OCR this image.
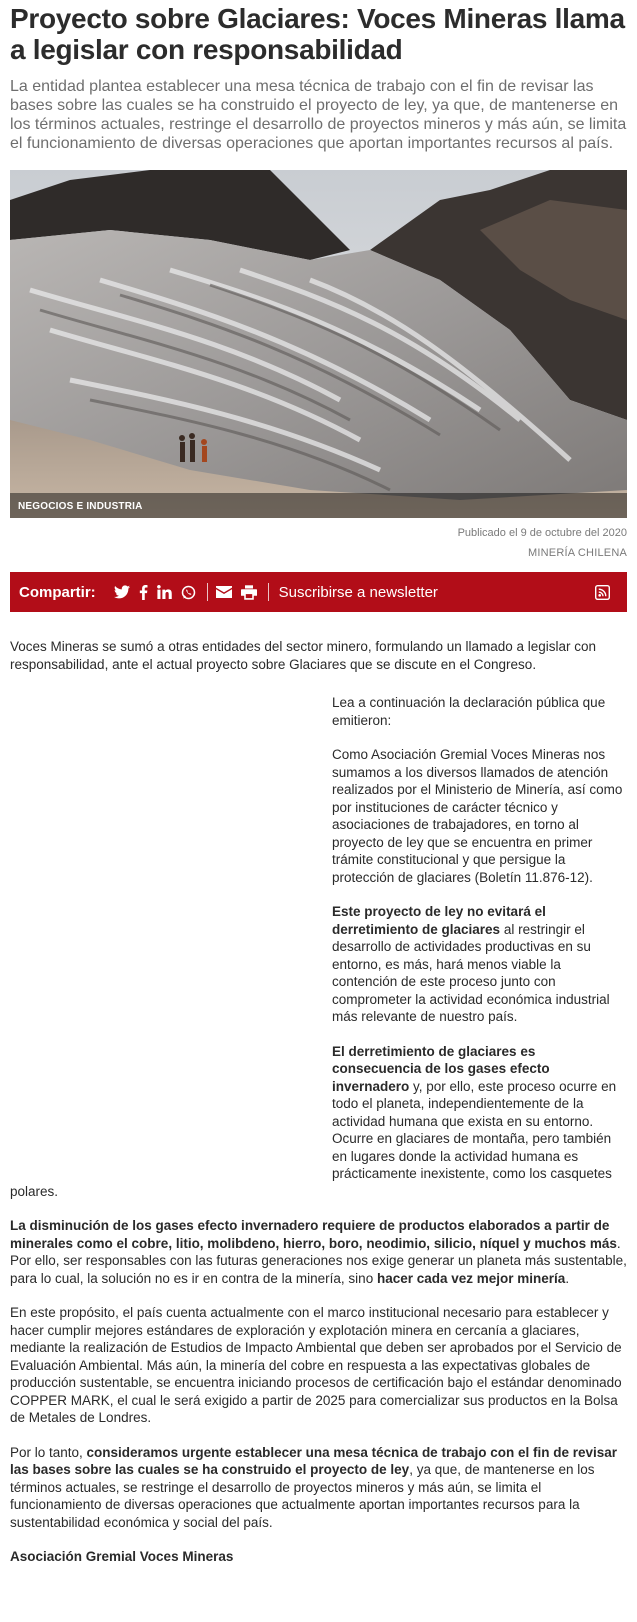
Proyecto sobre Glaciares: Voces Mineras llama a legislar con responsabilidad

La entidad plantea establecer una mesa técnica de trabajo con el fin de revisar las bases sobre las cuales se ha construido el proyecto de ley, ya que, de mantenerse en los términos actuales, restringe el desarrollo de proyectos mineros y más aún, se limita el funcionamiento de diversas operaciones que aportan importantes recursos al país.

NEGOCIOS E INDUSTRIA
Publicado el 9 de octubre del 2020
MINERÍA CHILENA
Compartir:	Suscribirse a newsletter

Voces Mineras se sumó a otras entidades del sector minero, formulando un llamado a legislar con responsabilidad, ante el actual proyecto sobre Glaciares que se discute en el Congreso.

Lea a continuación la declaración pública que emitieron:

Como Asociación Gremial Voces Mineras nos sumamos a los diversos llamados de atención realizados por el Ministerio de Minería, así como por instituciones de carácter técnico y asociaciones de trabajadores, en torno al proyecto de ley que se encuentra en primer trámite constitucional y que persigue la protección de glaciares (Boletín 11.876-12).

Este proyecto de ley no evitará el derretimiento de glaciares al restringir el desarrollo de actividades productivas en su entorno, es más, hará menos viable la contención de este proceso junto con comprometer la actividad económica industrial más relevante de nuestro país.

El derretimiento de glaciares es consecuencia de los gases efecto invernadero y, por ello, este proceso ocurre en todo el planeta, independientemente de la actividad humana que exista en su entorno. Ocurre en glaciares de montaña, pero también en lugares donde la actividad humana es prácticamente inexistente, como los casquetes polares.

La disminución de los gases efecto invernadero requiere de productos elaborados a partir de minerales como el cobre, litio, molibdeno, hierro, boro, neodimio, silicio, níquel y muchos más. Por ello, ser responsables con las futuras generaciones nos exige generar un planeta más sustentable, para lo cual, la solución no es ir en contra de la minería, sino hacer cada vez mejor minería.

En este propósito, el país cuenta actualmente con el marco institucional necesario para establecer y hacer cumplir mejores estándares de exploración y explotación minera en cercanía a glaciares, mediante la realización de Estudios de Impacto Ambiental que deben ser aprobados por el Servicio de Evaluación Ambiental. Más aún, la minería del cobre en respuesta a las expectativas globales de producción sustentable, se encuentra iniciando procesos de certificación bajo el estándar denominado COPPER MARK, el cual le será exigido a partir de 2025 para comercializar sus productos en la Bolsa de Metales de Londres.

Por lo tanto, consideramos urgente establecer una mesa técnica de trabajo con el fin de revisar las bases sobre las cuales se ha construido el proyecto de ley, ya que, de mantenerse en los términos actuales, se restringe el desarrollo de proyectos mineros y más aún, se limita el funcionamiento de diversas operaciones que actualmente aportan importantes recursos para la sustentabilidad económica y social del país.

Asociación Gremial Voces Mineras
